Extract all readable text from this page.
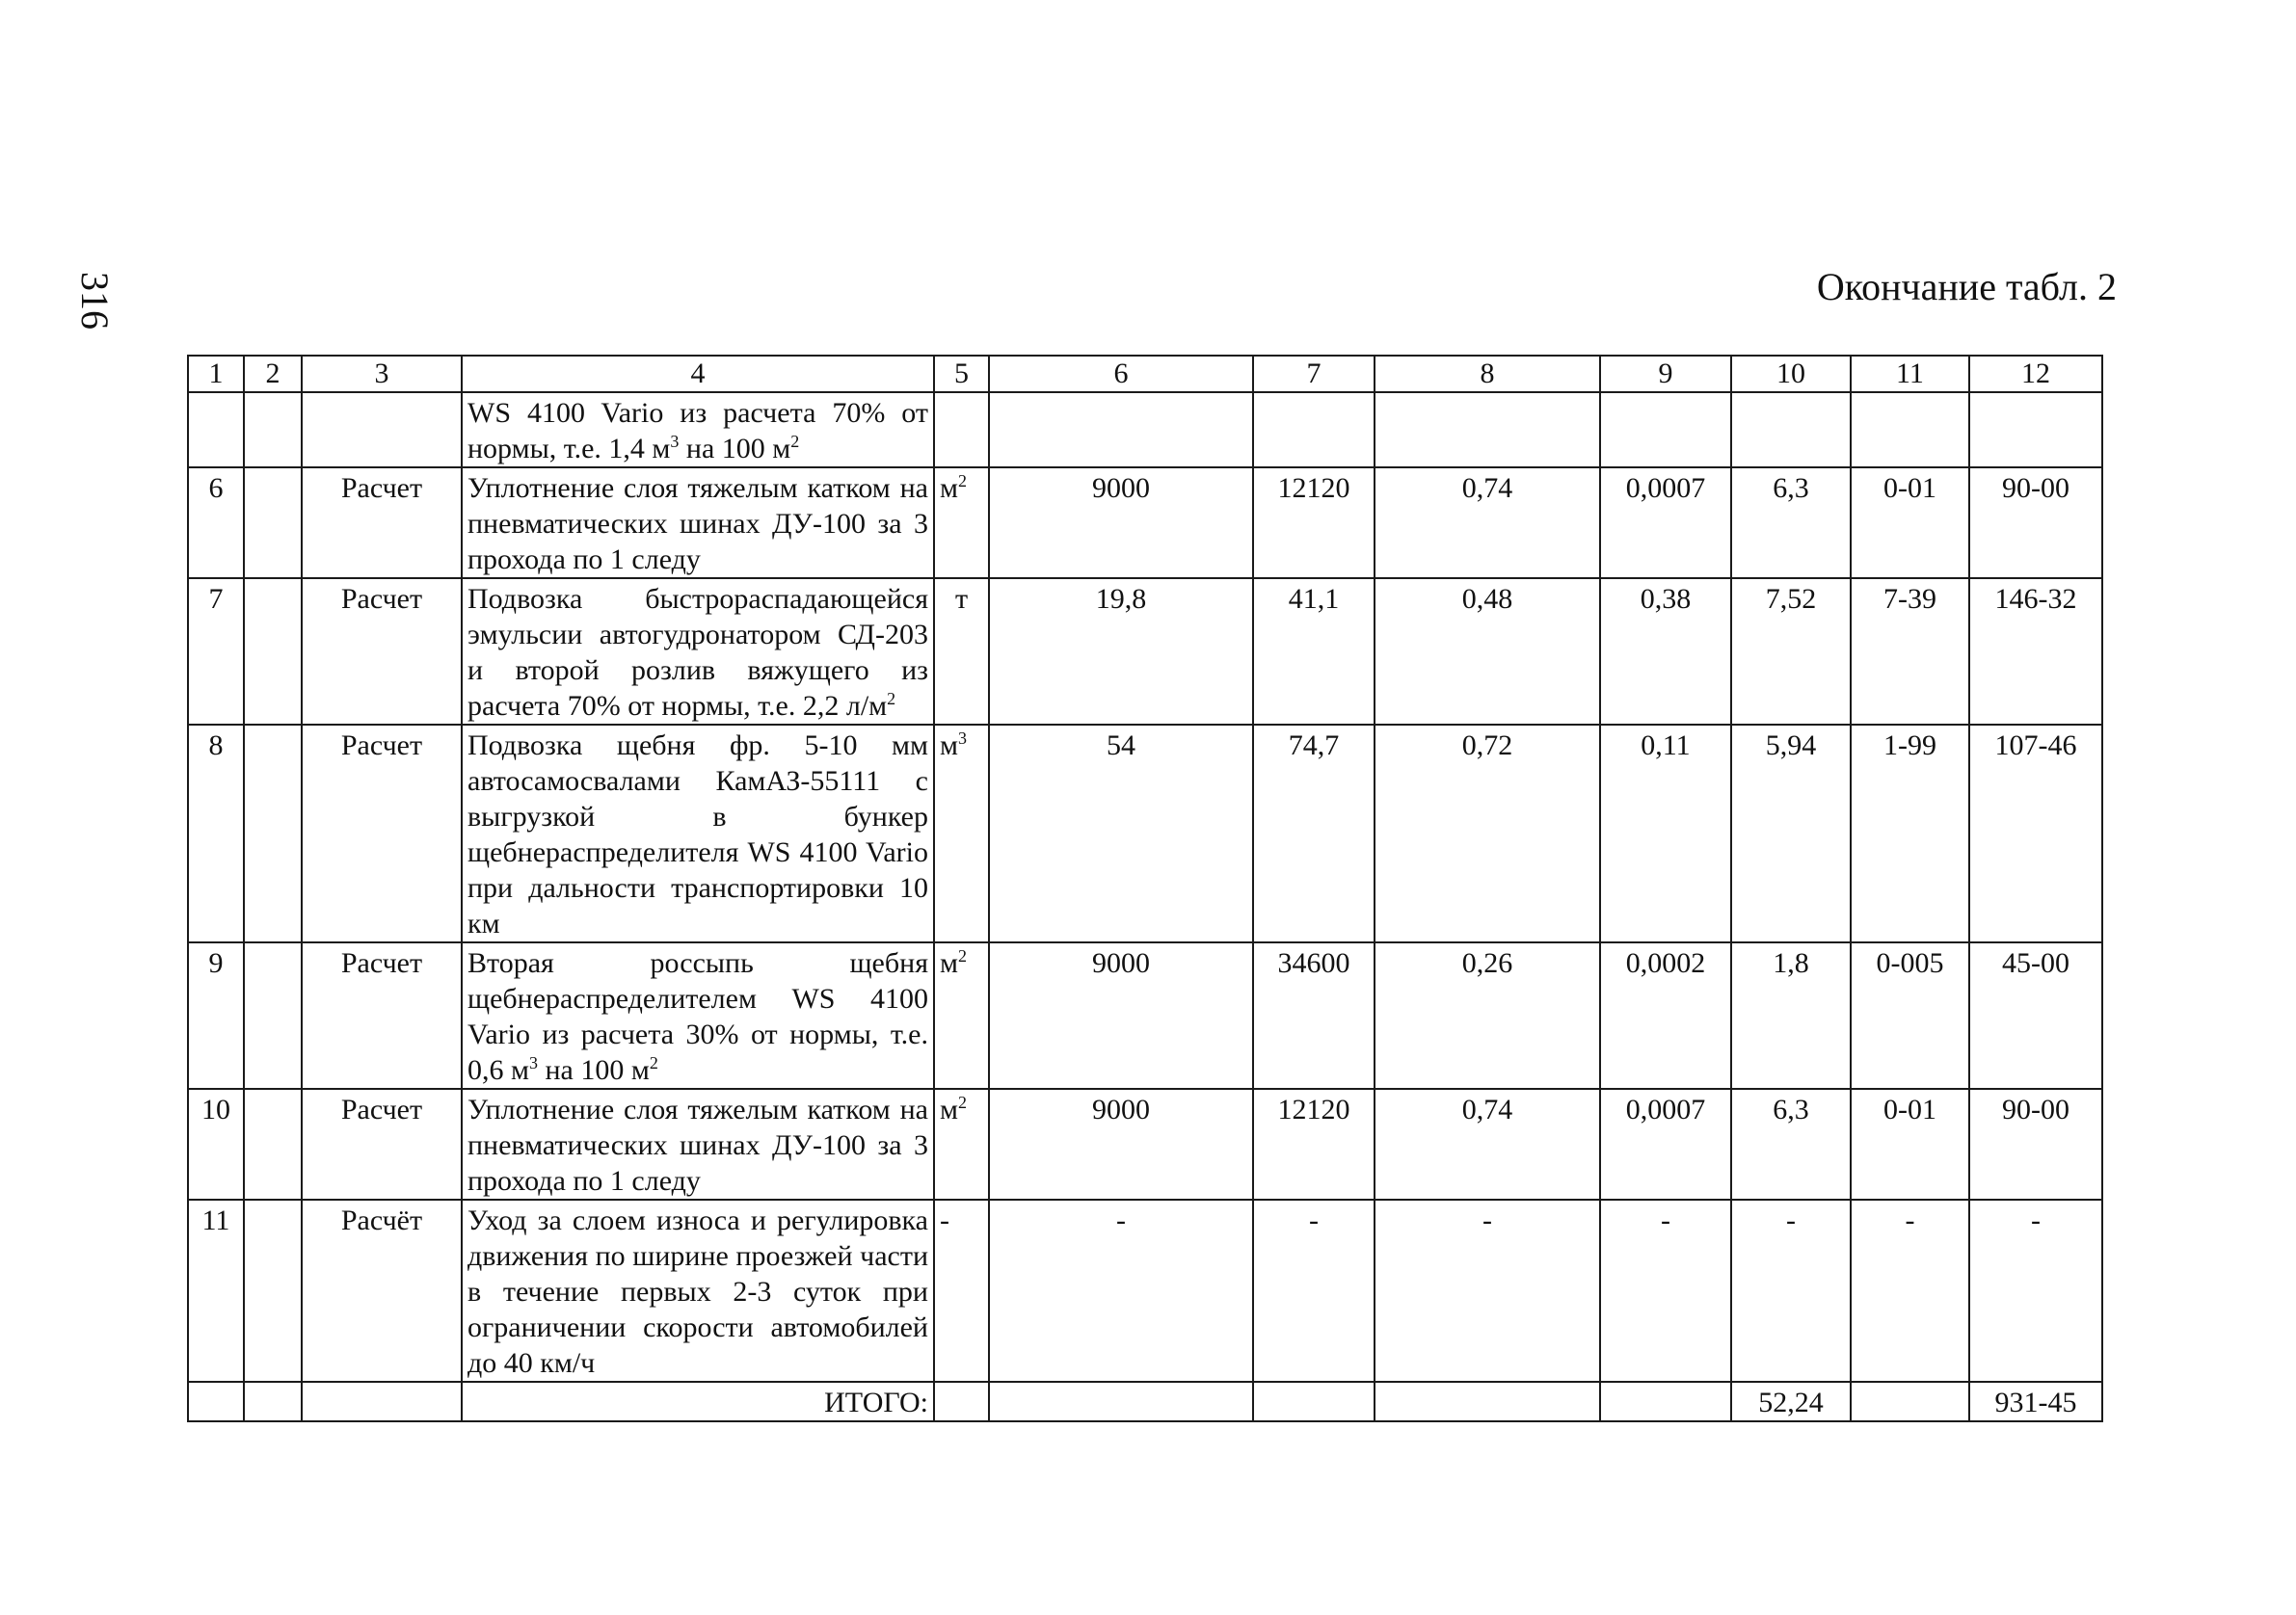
316	Окончание табл. 2
1	2	3	4	5	6	7	8	9	10	11	12
			WS 4100 Vario из расчета 70% от нормы, т.е. 1,4 $м^3$ на 100 $м^2$								
6		Расчет	Уплотнение слоя тяжелым катком на пневматических шинах ДУ-100 за 3 прохода по 1 следу	$м^2$	9000	12120	0,74	0,0007	6,3	0-01	90-00
7		Расчет	Подвозка быстрораспадающейся эмульсии автогудронатором СД-203 и второй розлив вяжущего из расчета 70% от нормы, т.е. 2,2 $л/м^2$	т	19,8	41,1	0,48	0,38	7,52	7-39	146-32
8		Расчет	Подвозка щебня фр. 5-10 мм автосамосвалами КамАЗ-55111 с выгрузкой в бункер щебнераспределителя WS 4100 Vario при дальности транспортировки 10 км	$м^3$	54	74,7	0,72	0,11	5,94	1-99	107-46
9		Расчет	Вторая россыпь щебня щебнераспределителем WS 4100 Vario из расчета 30% от нормы, т.е. 0,6 $м^3$ на 100 $м^2$	$м^2$	9000	34600	0,26	0,0002	1,8	0-005	45-00
10		Расчет	Уплотнение слоя тяжелым катком на пневматических шинах ДУ-100 за 3 прохода по 1 следу	$м^2$	9000	12120	0,74	0,0007	6,3	0-01	90-00
11		Расчёт	Уход за слоем износа и регулировка движения по ширине проезжей части в течение первых 2-3 суток при ограничении скорости автомобилей до 40 км/ч	-	-	-	-	-	-	-	-
			ИТОГО:						52,24		931-45
